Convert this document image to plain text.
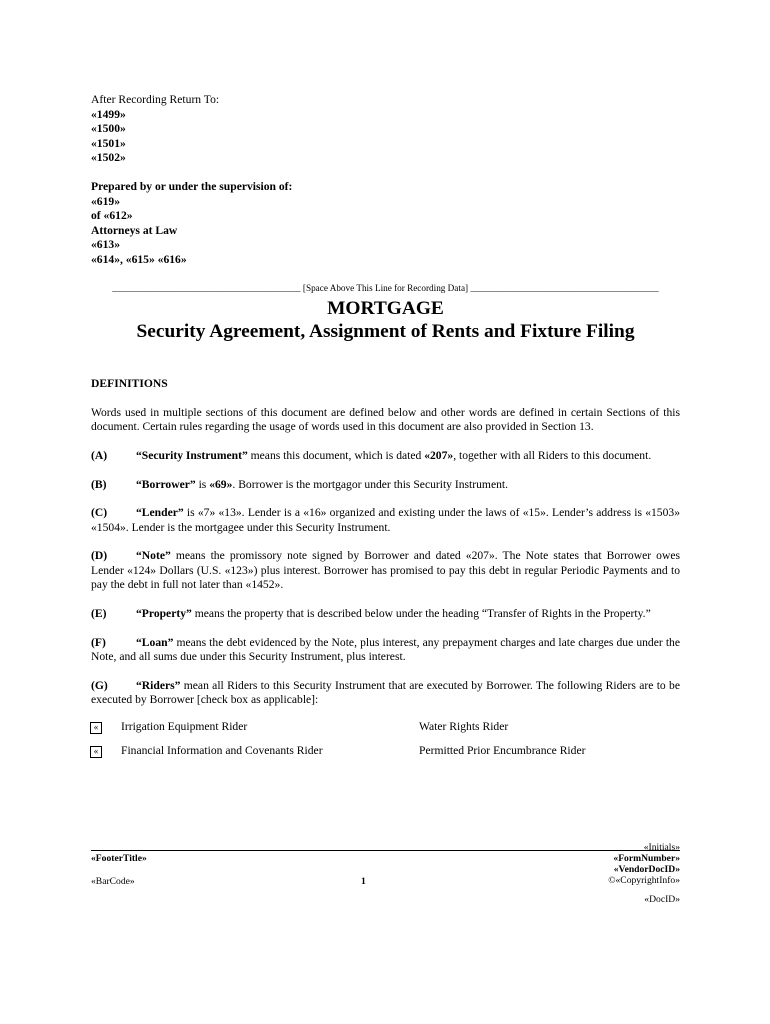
After Recording Return To:
«1499»
«1500»
«1501»
«1502»
Prepared by or under the supervision of:
«619»
of «612»
Attorneys at Law
«613»
«614», «615» «616»
_________________________________________ [Space Above This Line for Recording Data] _________________________________________
MORTGAGE
Security Agreement, Assignment of Rents and Fixture Filing
DEFINITIONS
Words used in multiple sections of this document are defined below and other words are defined in certain Sections of this document. Certain rules regarding the usage of words used in this document are also provided in Section 13.
(A) “Security Instrument” means this document, which is dated «207», together with all Riders to this document.
(B)	“Borrower” is «69». Borrower is the mortgagor under this Security Instrument.
(C) “Lender” is «7» «13». Lender is a «16» organized and existing under the laws of «15». Lender’s address is «1503» «1504». Lender is the mortgagee under this Security Instrument.
(D) “Note” means the promissory note signed by Borrower and dated «207». The Note states that Borrower owes Lender «124» Dollars (U.S. «123») plus interest. Borrower has promised to pay this debt in regular Periodic Payments and to pay the debt in full not later than «1452».
(E)	“Property” means the property that is described below under the heading “Transfer of Rights in the Property.”
(F)	“Loan” means the debt evidenced by the Note, plus interest, any prepayment charges and late charges due under the Note, and all sums due under this Security Instrument, plus interest.
(G) “Riders” mean all Riders to this Security Instrument that are executed by Borrower. The following Riders are to be executed by Borrower [check box as applicable]:
«	Irrigation Equipment Rider	Water Rights Rider
«	Financial Information and Covenants Rider	Permitted Prior Encumbrance Rider
«Initials»
«FooterTitle»	«FormNumber»
«VendorDocID»
©«CopyrightInfo»
«BarCode»	1
«DocID»
